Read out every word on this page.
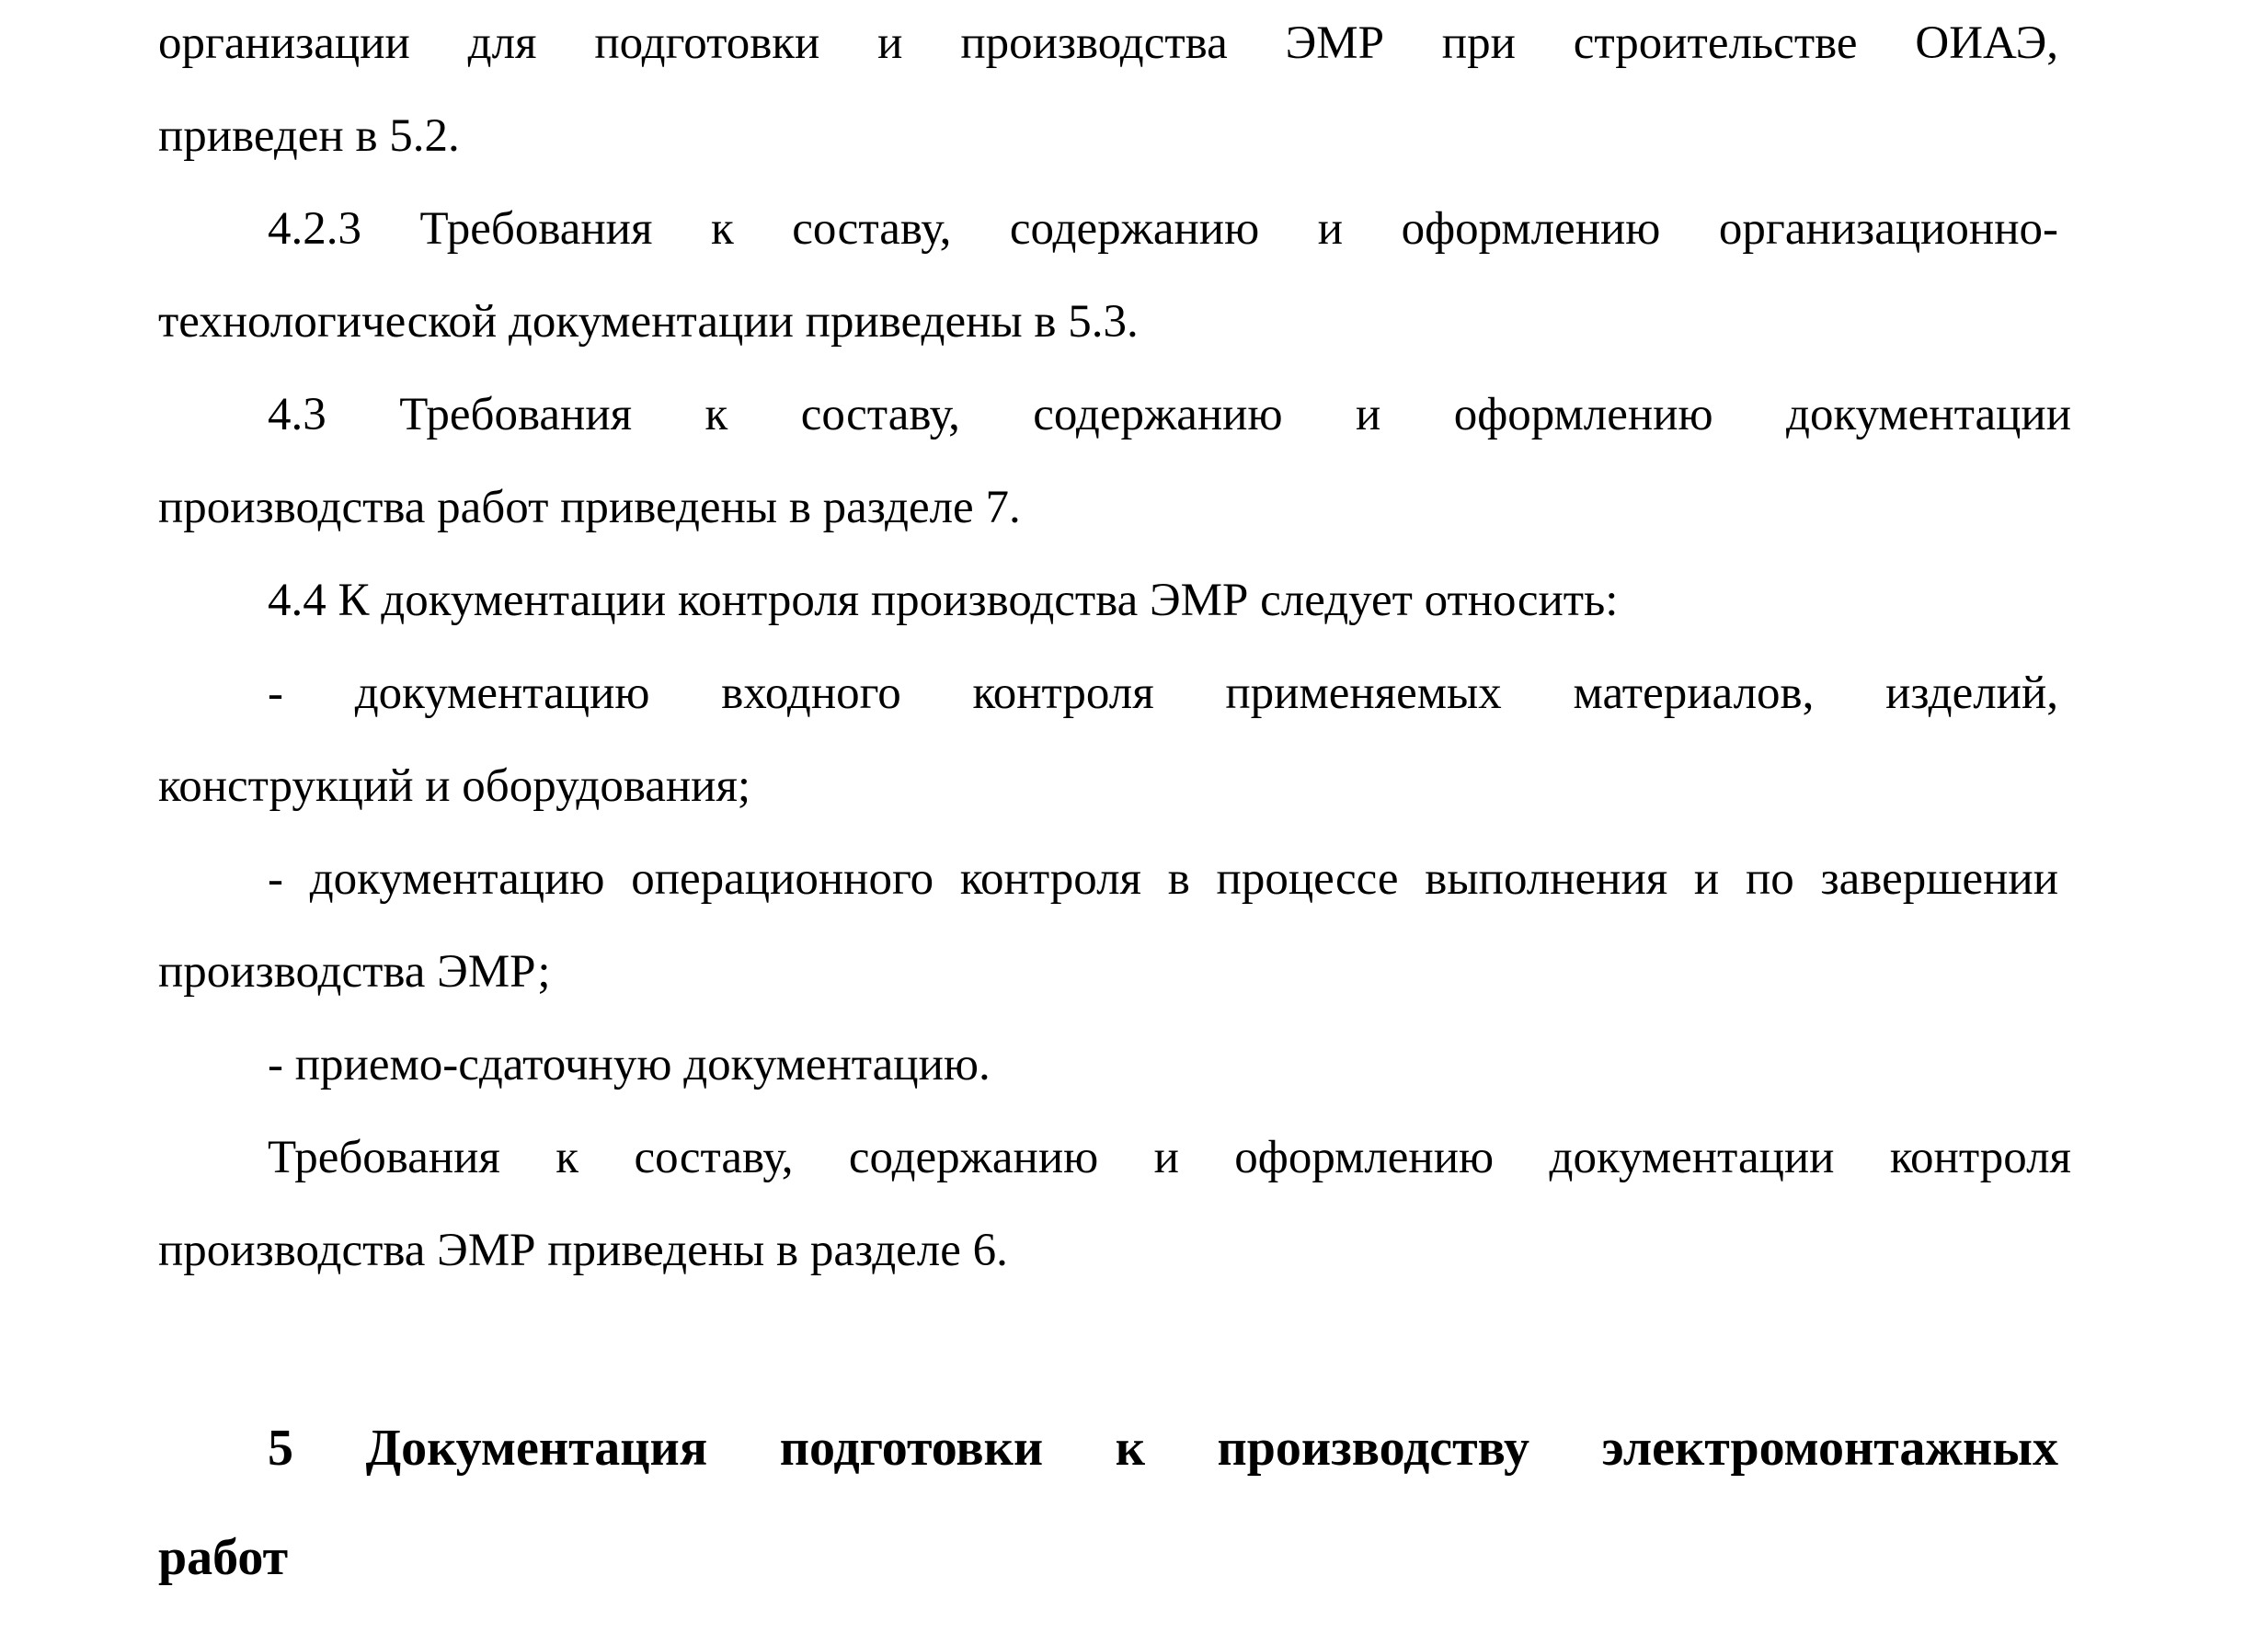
организации для подготовки и производства ЭМР при строительстве ОИАЭ,
приведен в 5.2.
4.2.3 Требования к составу, содержанию и оформлению организационно-
технологической документации приведены в 5.3.
4.3 Требования к составу, содержанию и оформлению документации
производства работ приведены в разделе 7.
4.4 К документации контроля производства ЭМР следует относить:
- документацию входного контроля применяемых материалов, изделий,
конструкций и оборудования;
- документацию операционного контроля в процессе выполнения и по завершении
производства ЭМР;
- приемо-сдаточную документацию.
Требования к составу, содержанию и оформлению документации контроля
производства ЭМР приведены в разделе 6.
5 Документация подготовки к производству электромонтажных
работ
